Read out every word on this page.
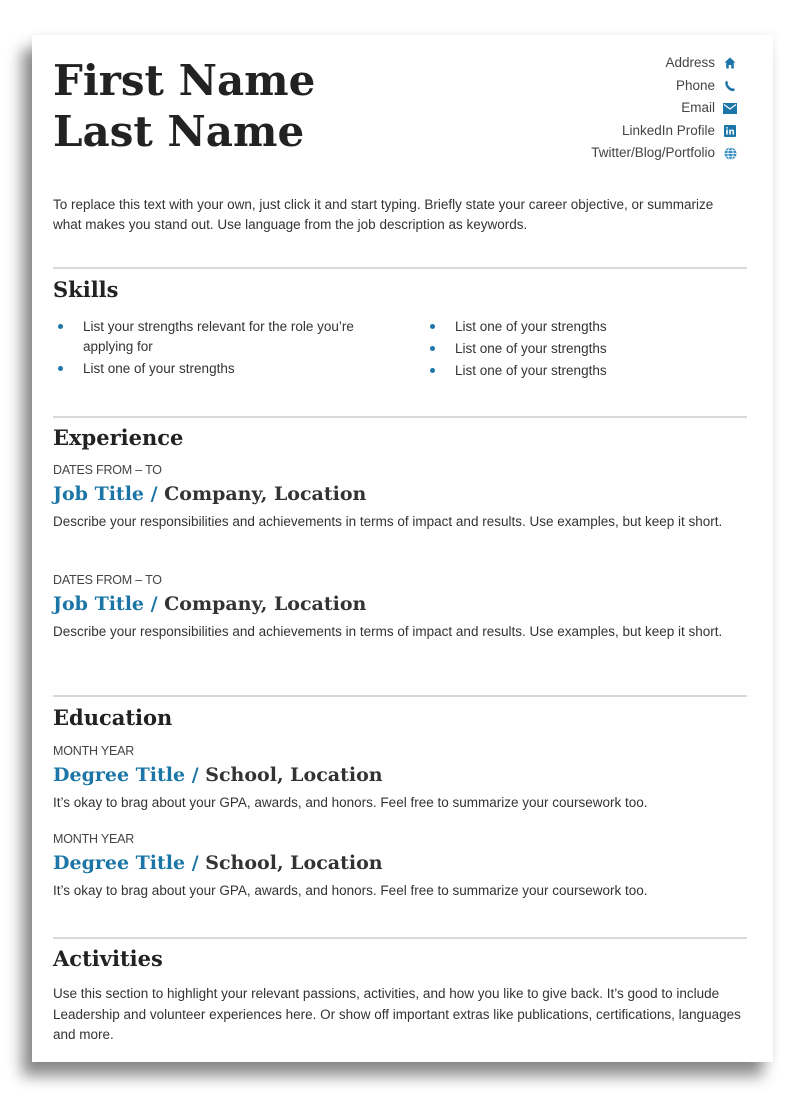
First Name
Last Name
Address
Phone
Email
LinkedIn Profile
Twitter/Blog/Portfolio
To replace this text with your own, just click it and start typing. Briefly state your career objective, or summarize what makes you stand out. Use language from the job description as keywords.
Skills
List your strengths relevant for the role you’re applying for
List one of your strengths
List one of your strengths
List one of your strengths
List one of your strengths
Experience
DATES FROM – TO
Job Title / Company, Location
Describe your responsibilities and achievements in terms of impact and results. Use examples, but keep it short.
DATES FROM – TO
Job Title / Company, Location
Describe your responsibilities and achievements in terms of impact and results. Use examples, but keep it short.
Education
MONTH YEAR
Degree Title / School, Location
It’s okay to brag about your GPA, awards, and honors. Feel free to summarize your coursework too.
MONTH YEAR
Degree Title / School, Location
It’s okay to brag about your GPA, awards, and honors. Feel free to summarize your coursework too.
Activities
Use this section to highlight your relevant passions, activities, and how you like to give back. It’s good to include Leadership and volunteer experiences here. Or show off important extras like publications, certifications, languages and more.
